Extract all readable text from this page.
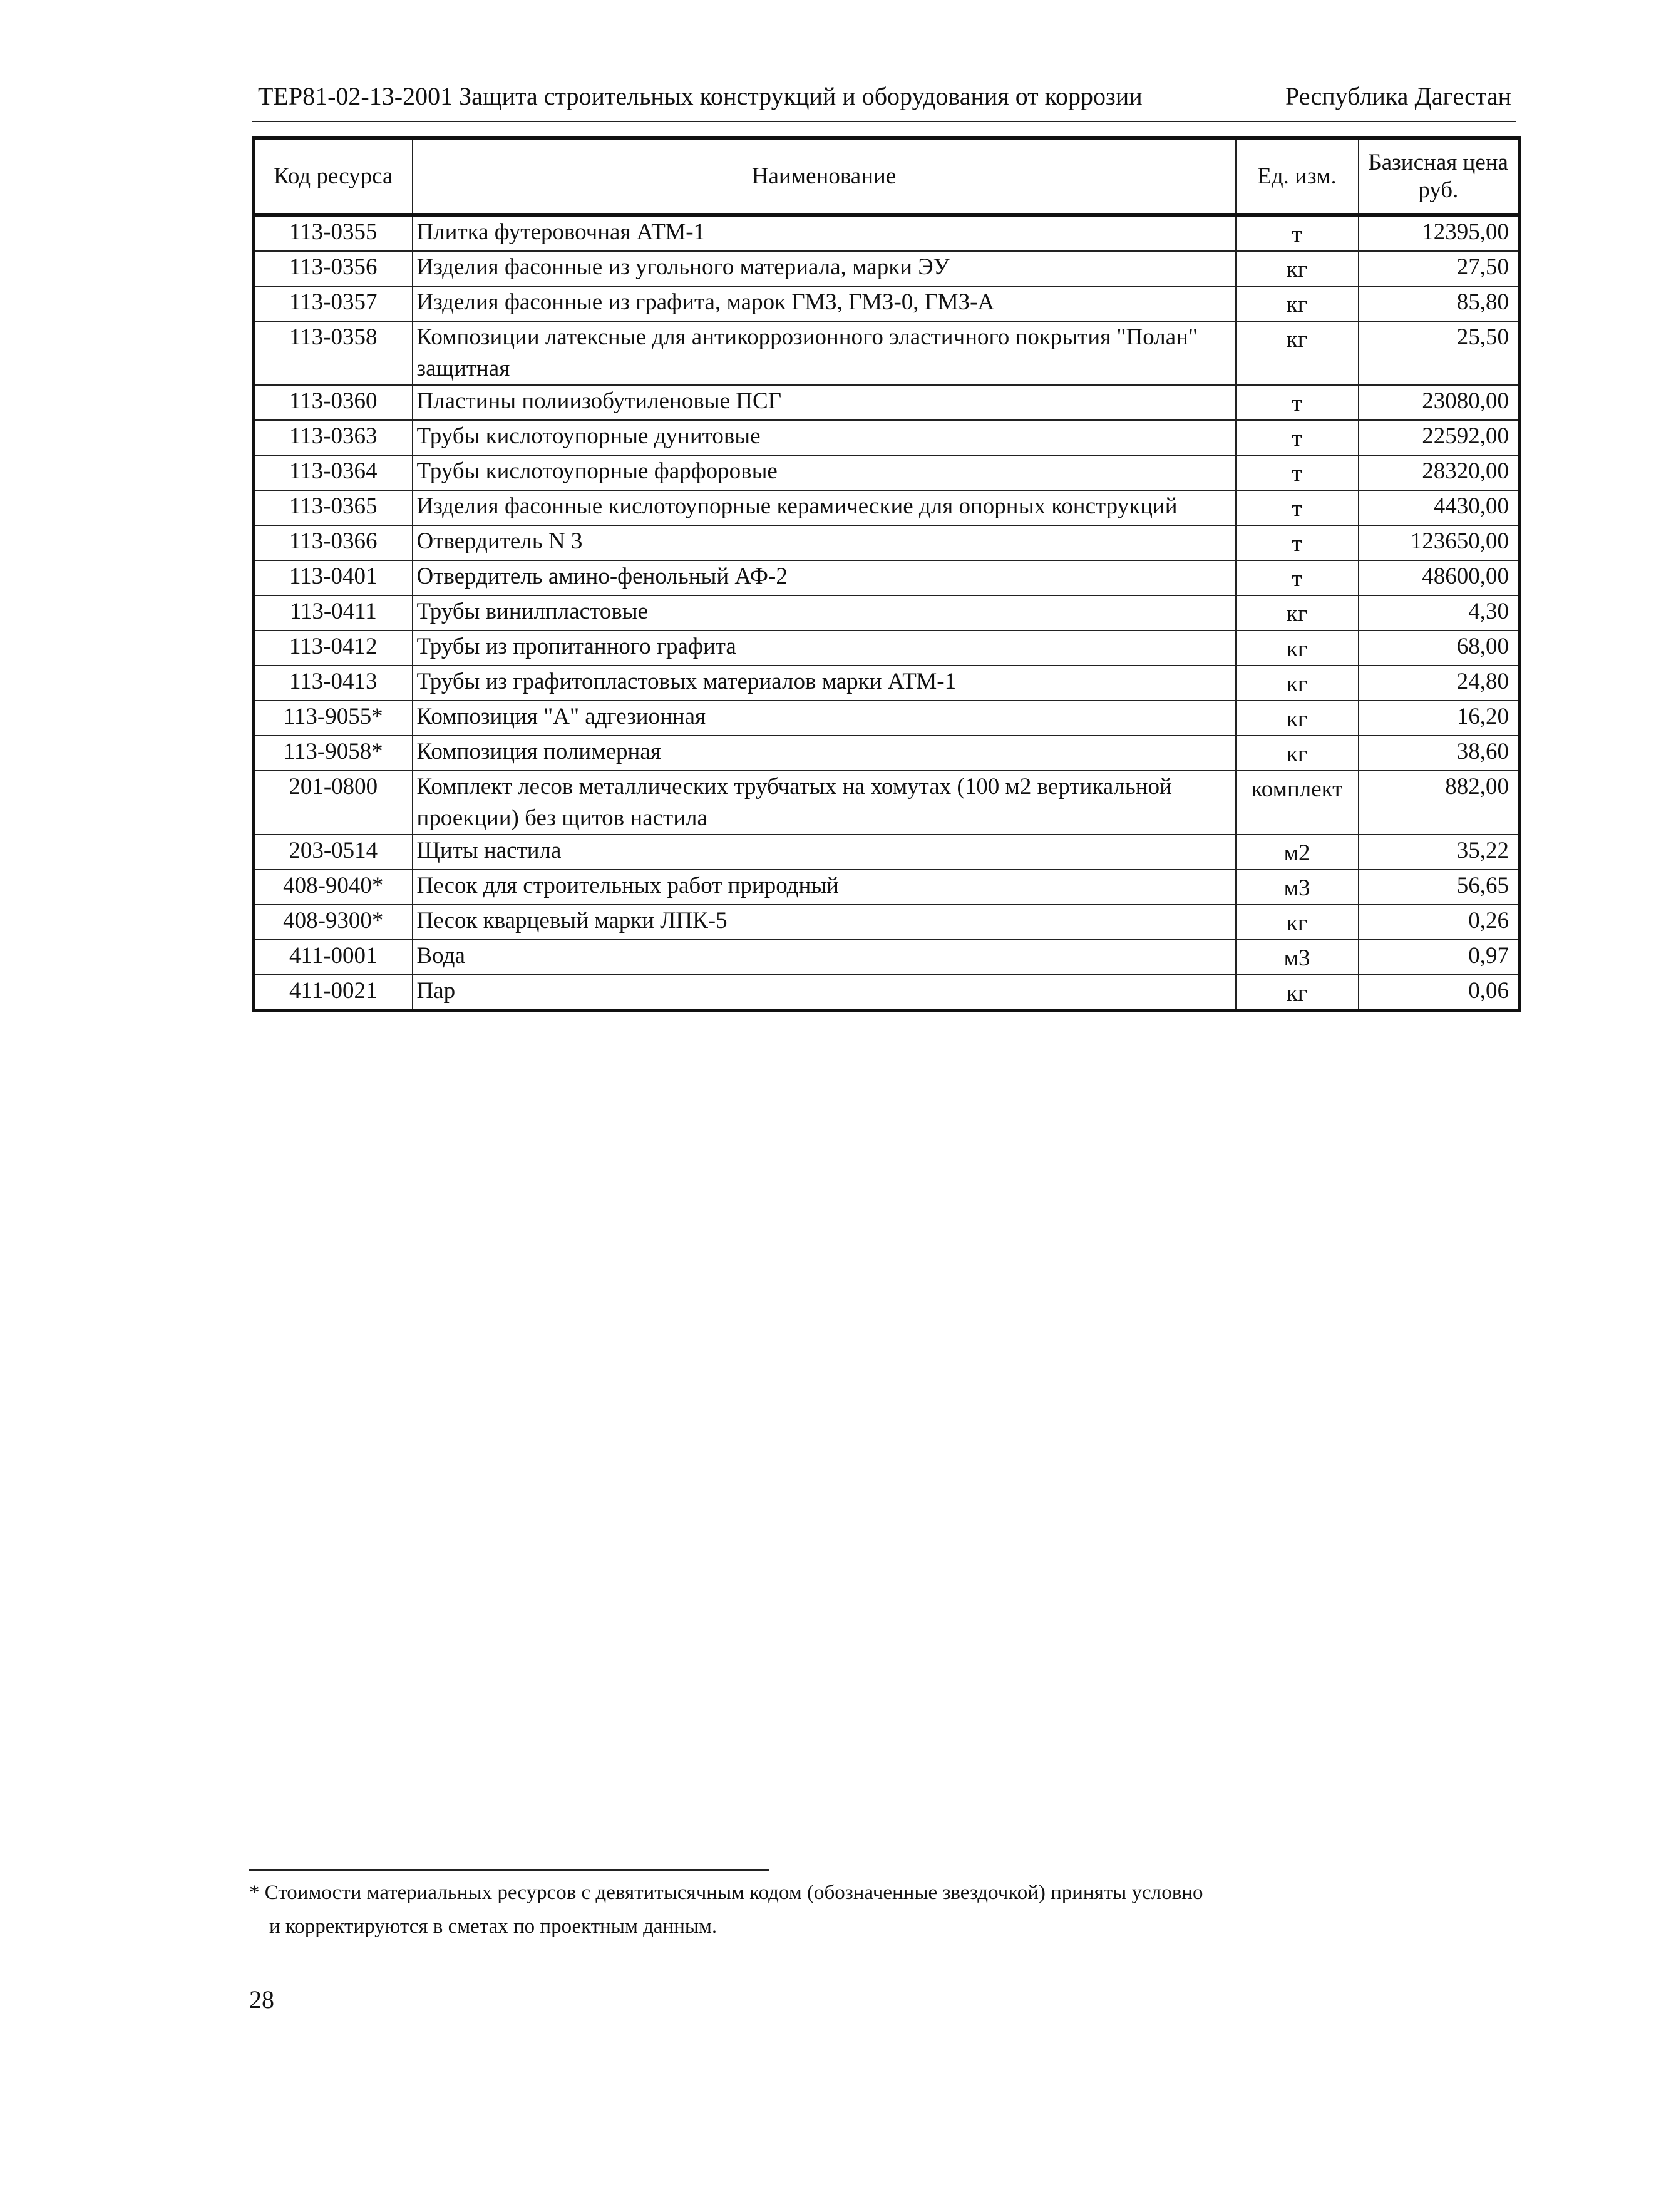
ТЕР81-02-13-2001 Защита строительных конструкций и оборудования от коррозии	Республика Дагестан
Код ресурса	Наименование	Ед. изм.	Базисная цена руб.
113-0355	Плитка футеровочная АТМ-1	т	12395,00
113-0356	Изделия фасонные из угольного материала, марки ЭУ	кг	27,50
113-0357	Изделия фасонные из графита, марок ГМЗ, ГМЗ-0, ГМЗ-А	кг	85,80
113-0358	Композиции латексные для антикоррозионного эластичного покрытия "Полан" защитная	кг	25,50
113-0360	Пластины полиизобутиленовые ПСГ	т	23080,00
113-0363	Трубы кислотоупорные дунитовые	т	22592,00
113-0364	Трубы кислотоупорные фарфоровые	т	28320,00
113-0365	Изделия фасонные кислотоупорные керамические для опорных конструкций	т	4430,00
113-0366	Отвердитель N 3	т	123650,00
113-0401	Отвердитель амино-фенольный АФ-2	т	48600,00
113-0411	Трубы винилпластовые	кг	4,30
113-0412	Трубы из пропитанного графита	кг	68,00
113-0413	Трубы из графитопластовых материалов марки АТМ-1	кг	24,80
113-9055*	Композиция "А" адгезионная	кг	16,20
113-9058*	Композиция полимерная	кг	38,60
201-0800	Комплект лесов металлических трубчатых на хомутах (100 м2 вертикальной проекции) без щитов настила	комплект	882,00
203-0514	Щиты настила	м2	35,22
408-9040*	Песок для строительных работ природный	м3	56,65
408-9300*	Песок кварцевый марки ЛПК-5	кг	0,26
411-0001	Вода	м3	0,97
411-0021	Пар	кг	0,06
* Стоимости материальных ресурсов с девятитысячным кодом (обозначенные звездочкой) приняты условно
и корректируются в сметах по проектным данным.
28
